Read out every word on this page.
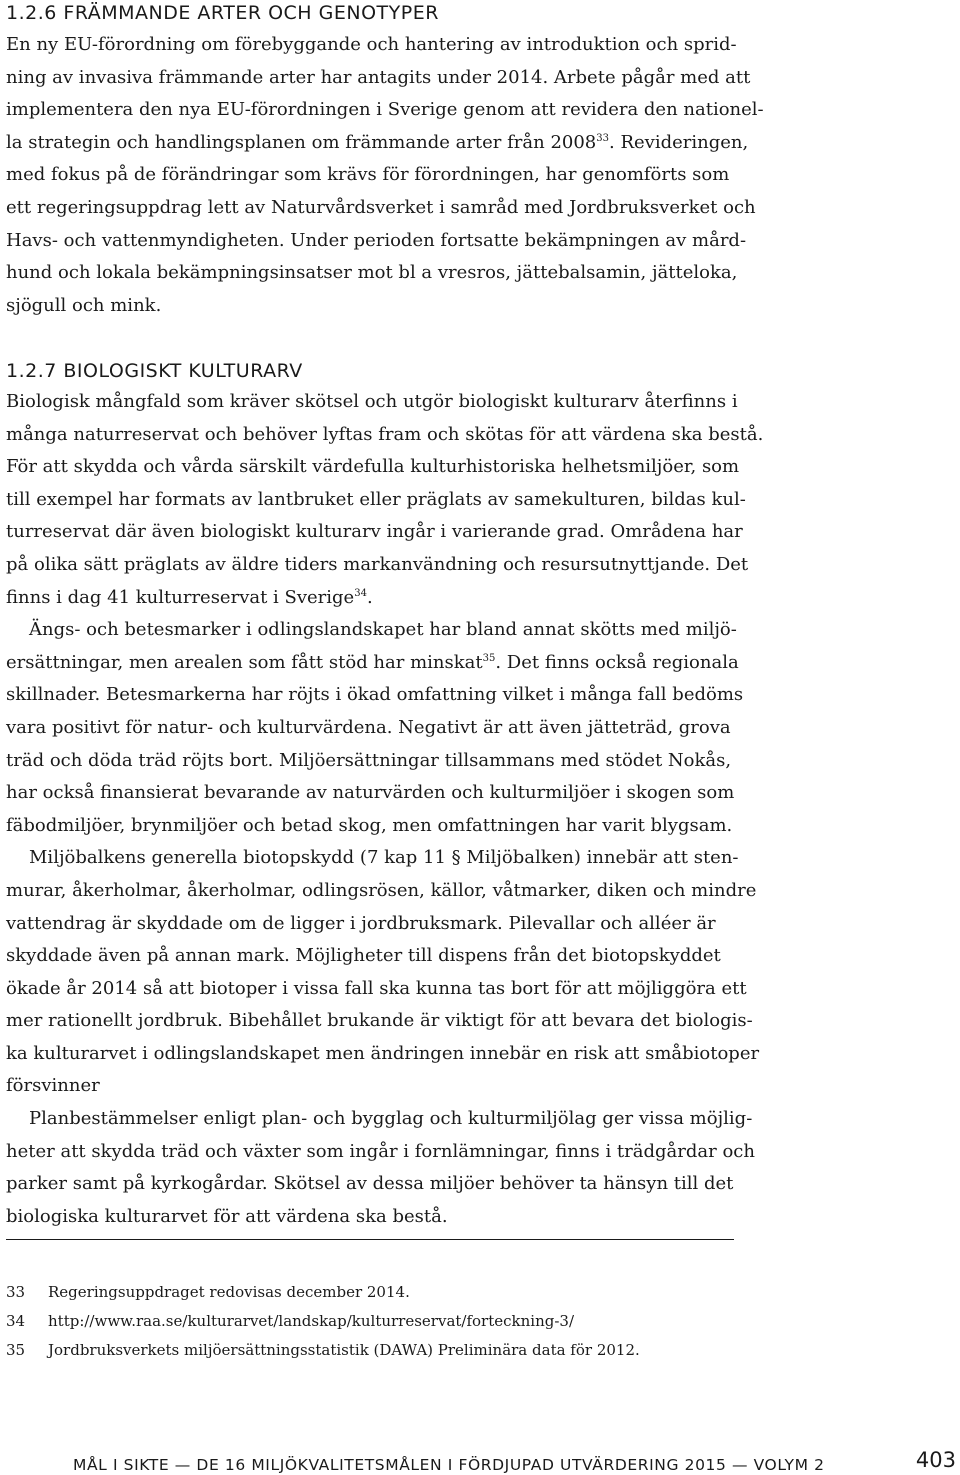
1.2.6 FRÄMMANDE ARTER OCH GENOTYPER

En ny EU-förordning om förebyggande och hantering av introduktion och sprid-
ning av invasiva främmande arter har antagits under 2014. Arbete pågår med att
implementera den nya EU-förordningen i Sverige genom att revidera den nationel-
la strategin och handlingsplanen om främmande arter från 2008$^{33}$. Revideringen,
med fokus på de förändringar som krävs för förordningen, har genomförts som
ett regeringsuppdrag lett av Naturvårdsverket i samråd med Jordbruksverket och
Havs- och vattenmyndigheten. Under perioden fortsatte bekämpningen av mård-
hund och lokala bekämpningsinsatser mot bl a vresros, jättebalsamin, jätteloka,
sjögull och mink.

1.2.7 BIOLOGISKT KULTURARV

Biologisk mångfald som kräver skötsel och utgör biologiskt kulturarv återfinns i
många naturreservat och behöver lyftas fram och skötas för att värdena ska bestå.
För att skydda och vårda särskilt värdefulla kulturhistoriska helhetsmiljöer, som
till exempel har formats av lantbruket eller präglats av samekulturen, bildas kul-
turreservat där även biologiskt kulturarv ingår i varierande grad. Områdena har
på olika sätt präglats av äldre tiders markanvändning och resursutnyttjande. Det
finns i dag 41 kulturreservat i Sverige$^{34}$.

Ängs- och betesmarker i odlingslandskapet har bland annat skötts med miljö-
ersättningar, men arealen som fått stöd har minskat$^{35}$. Det finns också regionala
skillnader. Betesmarkerna har röjts i ökad omfattning vilket i många fall bedöms
vara positivt för natur- och kulturvärdena. Negativt är att även jätteträd, grova
träd och döda träd röjts bort. Miljöersättningar tillsammans med stödet Nokås,
har också finansierat bevarande av naturvärden och kulturmiljöer i skogen som
fäbodmiljöer, brynmiljöer och betad skog, men omfattningen har varit blygsam.

Miljöbalkens generella biotopskydd (7 kap 11 § Miljöbalken) innebär att sten-
murar, åkerholmar, åkerholmar, odlingsrösen, källor, våtmarker, diken och mindre
vattendrag är skyddade om de ligger i jordbruksmark. Pilevallar och alléer är
skyddade även på annan mark. Möjligheter till dispens från det biotopskyddet
ökade år 2014 så att biotoper i vissa fall ska kunna tas bort för att möjliggöra ett
mer rationellt jordbruk. Bibehållet brukande är viktigt för att bevara det biologis-
ka kulturarvet i odlingslandskapet men ändringen innebär en risk att småbiotoper
försvinner

Planbestämmelser enligt plan- och bygglag och kulturmiljölag ger vissa möjlig-
heter att skydda träd och växter som ingår i fornlämningar, finns i trädgårdar och
parker samt på kyrkogårdar. Skötsel av dessa miljöer behöver ta hänsyn till det
biologiska kulturarvet för att värdena ska bestå.

33 Regeringsuppdraget redovisas december 2014.
34 http://www.raa.se/kulturarvet/landskap/kulturreservat/forteckning-3/
35 Jordbruksverkets miljöersättningsstatistik (DAWA) Preliminära data för 2012.
MÅL I SIKTE — DE 16 MILJÖKVALITETSMÅLEN I FÖRDJUPAD UTVÄRDERING 2015 — VOLYM 2	403
